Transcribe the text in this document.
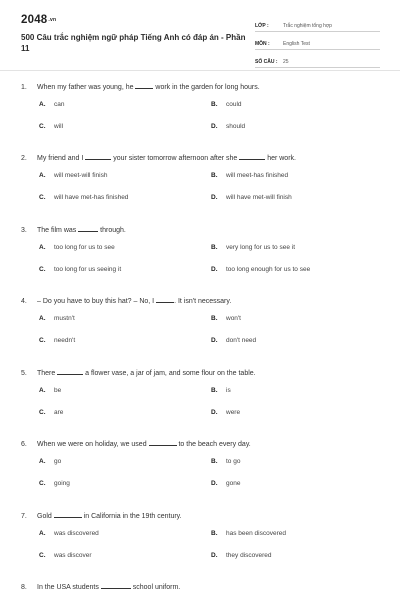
2048.vn
500 Câu trắc nghiệm ngữ pháp Tiếng Anh có đáp án - Phần 11
LỚP :	Trắc nghiệm tổng hợp
MÔN :	English Test
SỐ CÂU :	25
1. When my father was young, he	work in the garden for long hours.
A. can	B. could
C. will	D. should
2. My friend and I	your sister tomorrow afternoon after she	her work.
A. will meet-will finish	B. will meet-has finished
C. will have met-has finished	D. will have met-will finish
3. The film was	through.
A. too long for us to see	B. very long for us to see it
C. too long for us seeing it	D. too long enough for us to see
4. – Do you have to buy this hat? – No, I	. It isn't necessary.
A. mustn't	B. won't
C. needn't	D. don't need
5. There	a flower vase, a jar of jam, and some flour on the table.
A. be	B. is
C. are	D. were
6. When we were on holiday, we used	to the beach every day.
A. go	B. to go
C. going	D. gone
7. Gold	in California in the 19th century.
A. was discovered	B. has been discovered
C. was discover	D. they discovered
8. In the USA students	school uniform.
